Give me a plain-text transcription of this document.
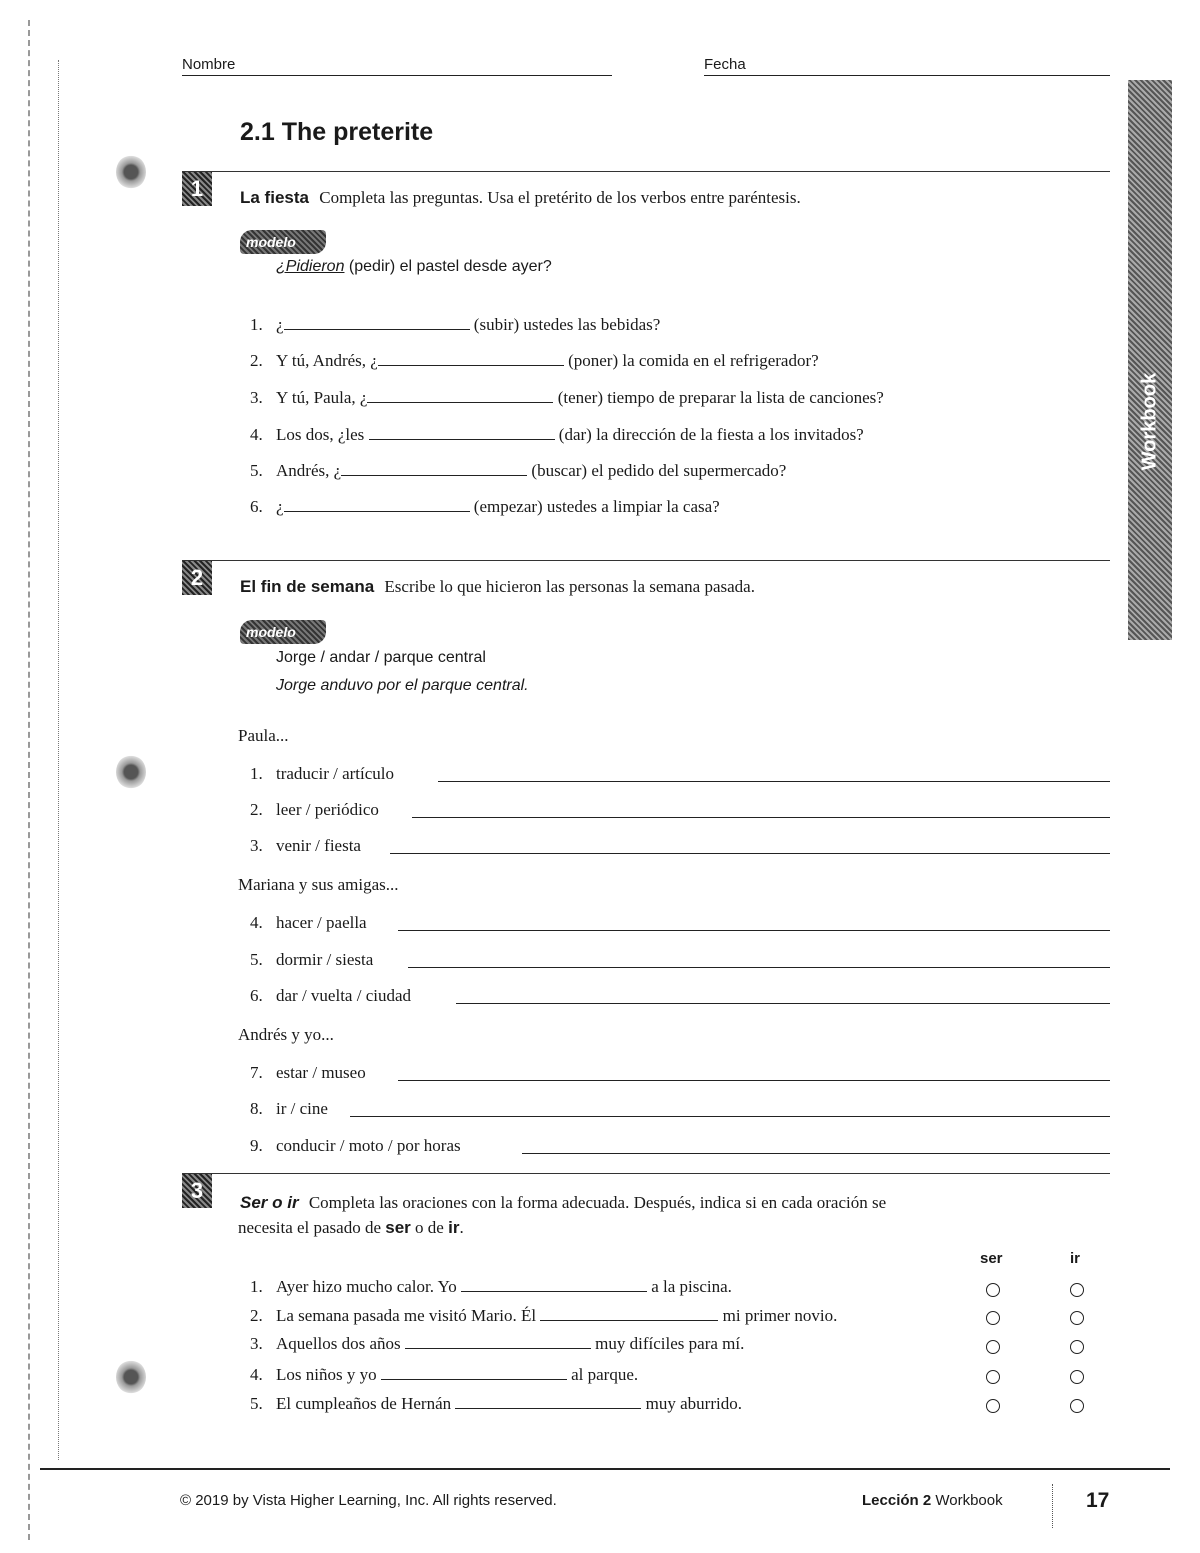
Nombre	Fecha
Workbook
2.1 The preterite
1	La fiesta Completa las preguntas. Usa el pretérito de los verbos entre paréntesis.
modelo
¿Pidieron (pedir) el pastel desde ayer?
1. ¿	(subir) ustedes las bebidas?
2. Y tú, Andrés, ¿	(poner) la comida en el refrigerador?
3. Y tú, Paula, ¿	(tener) tiempo de preparar la lista de canciones?
4. Los dos, ¿les	(dar) la dirección de la fiesta a los invitados?
5. Andrés, ¿	(buscar) el pedido del supermercado?
6. ¿	(empezar) ustedes a limpiar la casa?
2	El fin de semana Escribe lo que hicieron las personas la semana pasada.
modelo
Jorge / andar / parque central
Jorge anduvo por el parque central.
Paula...
1. traducir / artículo
2. leer / periódico
3. venir / fiesta
Mariana y sus amigas...
4. hacer / paella
5. dormir / siesta
6. dar / vuelta / ciudad
Andrés y yo...
7. estar / museo
8. ir / cine
9. conducir / moto / por horas
3	Ser o ir Completa las oraciones con la forma adecuada. Después, indica si en cada oración se
necesita el pasado de ser o de ir.
ser	ir
1. Ayer hizo mucho calor. Yo	a la piscina.
2. La semana pasada me visitó Mario. Él	mi primer novio.
3. Aquellos dos años	muy difíciles para mí.
4. Los niños y yo	al parque.
5. El cumpleaños de Hernán	muy aburrido.
© 2019 by Vista Higher Learning, Inc. All rights reserved.	Lección 2 Workbook	17
